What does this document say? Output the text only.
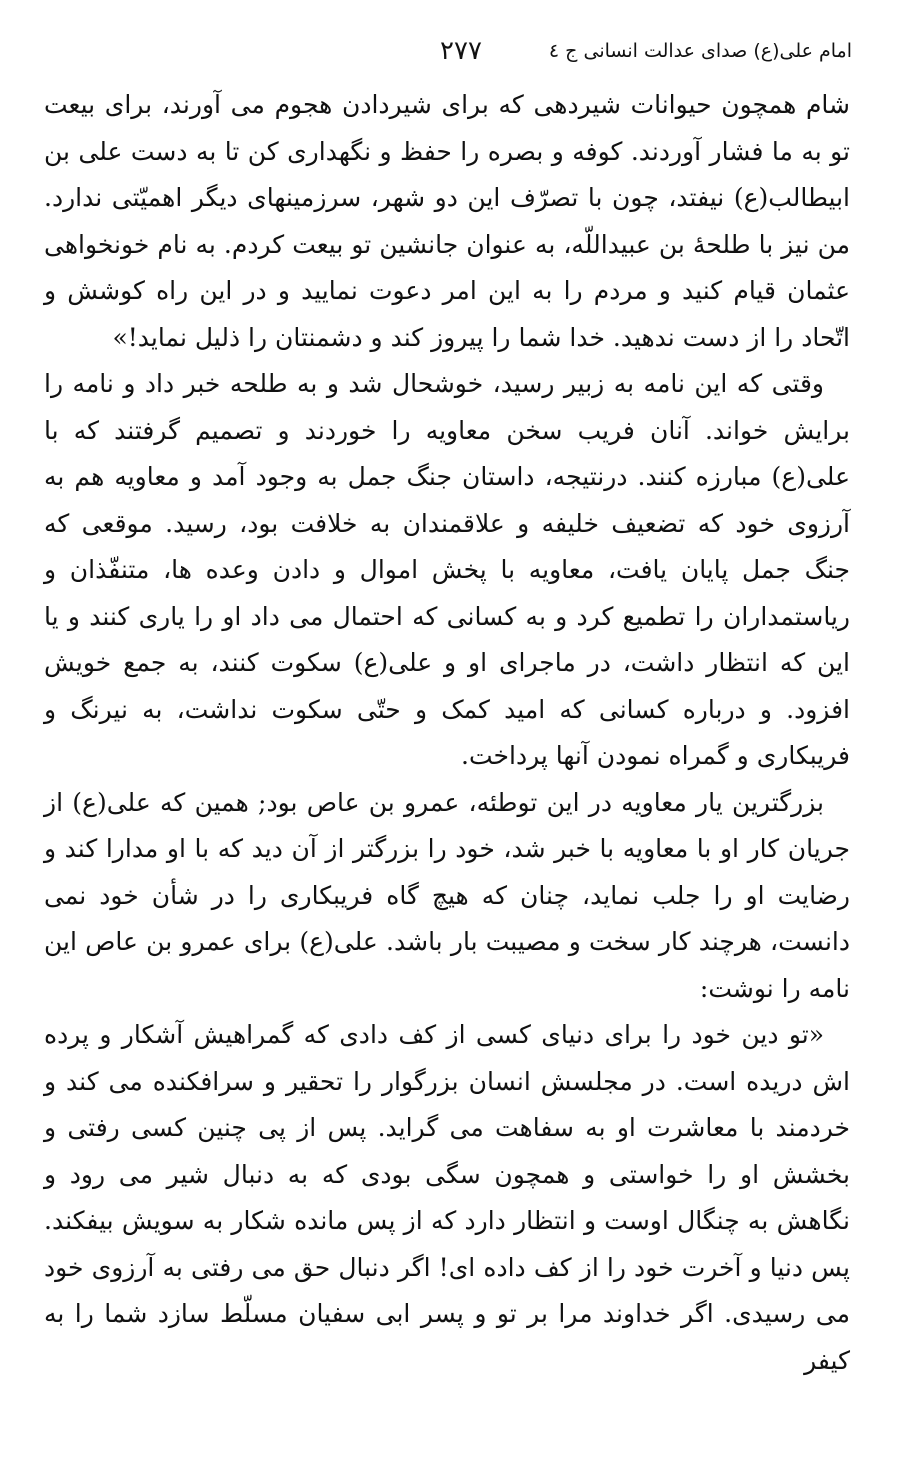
امام علی(ع) صدای عدالت انسانی ج ٤
۲۷۷

شام همچون حیوانات شیردهی که برای شیردادن هجوم می آورند، برای بیعت تو به ما فشار آوردند. کوفه و بصره را حفظ و نگهداری کن تا به دست علی بن ابیطالب(ع) نیفتد، چون با تصرّف این دو شهر، سرزمینهای دیگر اهمیّتی ندارد. من نیز با طلحهٔ بن عبیداللّه، به عنوان جانشین تو بیعت کردم. به نام خونخواهی عثمان قیام کنید و مردم را به این امر دعوت نمایید و در این راه کوشش و اتّحاد را از دست ندهید. خدا شما را پیروز کند و دشمنتان را ذلیل نماید!»

وقتی که این نامه به زبیر رسید، خوشحال شد و به طلحه خبر داد و نامه را برایش خواند. آنان فریب سخن معاویه را خوردند و تصمیم گرفتند که با علی(ع) مبارزه کنند. درنتیجه، داستان جنگ جمل به وجود آمد و معاویه هم به آرزوی خود که تضعیف خلیفه و علاقمندان به خلافت بود، رسید. موقعی که جنگ جمل پایان یافت، معاویه با پخش اموال و دادن وعده ها، متنفّذان و ریاستمداران را تطمیع کرد و به کسانی که احتمال می داد او را یاری کنند و یا این که انتظار داشت، در ماجرای او و علی(ع) سکوت کنند، به جمع خویش افزود. و درباره کسانی که امید کمک و حتّی سکوت نداشت، به نیرنگ و فریبکاری و گمراه نمودن آنها پرداخت.

بزرگترین یار معاویه در این توطئه، عمرو بن عاص بود; همین که علی(ع) از جریان کار او با معاویه با خبر شد، خود را بزرگتر از آن دید که با او مدارا کند و رضایت او را جلب نماید، چنان که هیچ گاه فریبکاری را در شأن خود نمی دانست، هرچند کار سخت و مصیبت بار باشد. علی(ع) برای عمرو بن عاص این نامه را نوشت:

«تو دین خود را برای دنیای کسی از کف دادی که گمراهیش آشکار و پرده اش دریده است. در مجلسش انسان بزرگوار را تحقیر و سرافکنده می کند و خردمند با معاشرت او به سفاهت می گراید. پس از پی چنین کسی رفتی و بخشش او را خواستی و همچون سگی بودی که به دنبال شیر می رود و نگاهش به چنگال اوست و انتظار دارد که از پس مانده شکار به سویش بیفکند. پس دنیا و آخرت خود را از کف داده ای! اگر دنبال حق می رفتی به آرزوی خود می رسیدی. اگر خداوند مرا بر تو و پسر ابی سفیان مسلّط سازد شما را به کیفر
